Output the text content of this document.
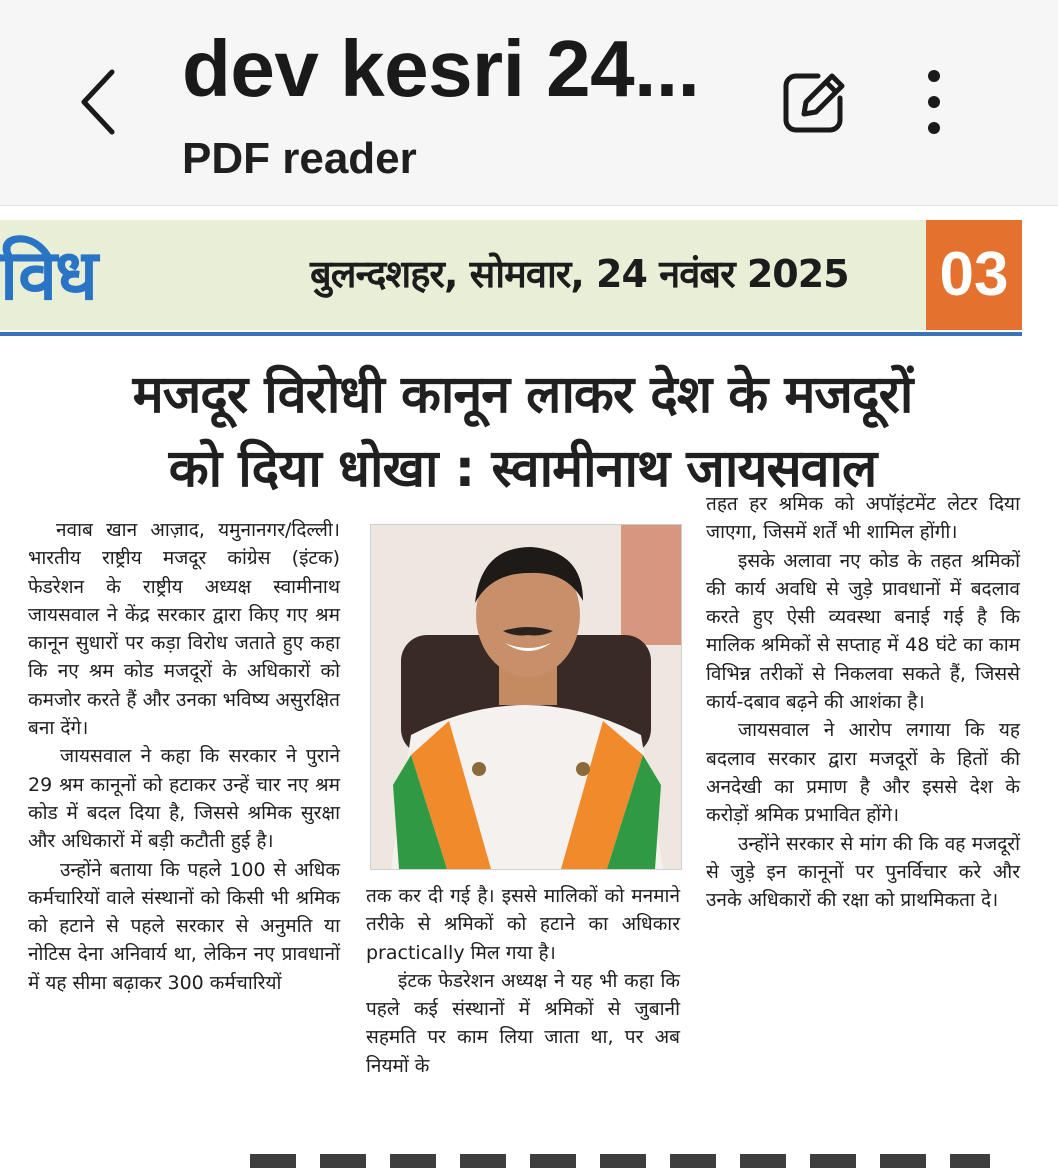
dev kesri 24...
PDF reader
विध	बुलन्दशहर, सोमवार, 24 नवंबर 2025 03
मजदूर विरोधी कानून लाकर देश के मजदूरों
को दिया धोखा : स्वामीनाथ जायसवाल

नवाब खान आज़ाद, यमुनानगर/दिल्ली। भारतीय राष्ट्रीय मजदूर कांग्रेस (इंटक) फेडरेशन के राष्ट्रीय अध्यक्ष स्वामीनाथ जायसवाल ने केंद्र सरकार द्वारा किए गए श्रम कानून सुधारों पर कड़ा विरोध जताते हुए कहा कि नए श्रम कोड मजदूरों के अधिकारों को कमजोर करते हैं और उनका भविष्य असुरक्षित बना देंगे।

जायसवाल ने कहा कि सरकार ने पुराने 29 श्रम कानूनों को हटाकर उन्हें चार नए श्रम कोड में बदल दिया है, जिससे श्रमिक सुरक्षा और अधिकारों में बड़ी कटौती हुई है।

उन्होंने बताया कि पहले 100 से अधिक कर्मचारियों वाले संस्थानों को किसी भी श्रमिक को हटाने से पहले सरकार से अनुमति या नोटिस देना अनिवार्य था, लेकिन नए प्रावधानों में यह सीमा बढ़ाकर 300 कर्मचारियों

तक कर दी गई है। इससे मालिकों को मनमाने तरीके से श्रमिकों को हटाने का अधिकार practically मिल गया है।

इंटक फेडरेशन अध्यक्ष ने यह भी कहा कि पहले कई संस्थानों में श्रमिकों से जुबानी सहमति पर काम लिया जाता था, पर अब नियमों के

तहत हर श्रमिक को अपॉइंटमेंट लेटर दिया जाएगा, जिसमें शर्तें भी शामिल होंगी।

इसके अलावा नए कोड के तहत श्रमिकों की कार्य अवधि से जुड़े प्रावधानों में बदलाव करते हुए ऐसी व्यवस्था बनाई गई है कि मालिक श्रमिकों से सप्ताह में 48 घंटे का काम विभिन्न तरीकों से निकलवा सकते हैं, जिससे कार्य-दबाव बढ़ने की आशंका है।

जायसवाल ने आरोप लगाया कि यह बदलाव सरकार द्वारा मजदूरों के हितों की अनदेखी का प्रमाण है और इससे देश के करोड़ों श्रमिक प्रभावित होंगे।

उन्होंने सरकार से मांग की कि वह मजदूरों से जुड़े इन कानूनों पर पुनर्विचार करे और उनके अधिकारों की रक्षा को प्राथमिकता दे।
